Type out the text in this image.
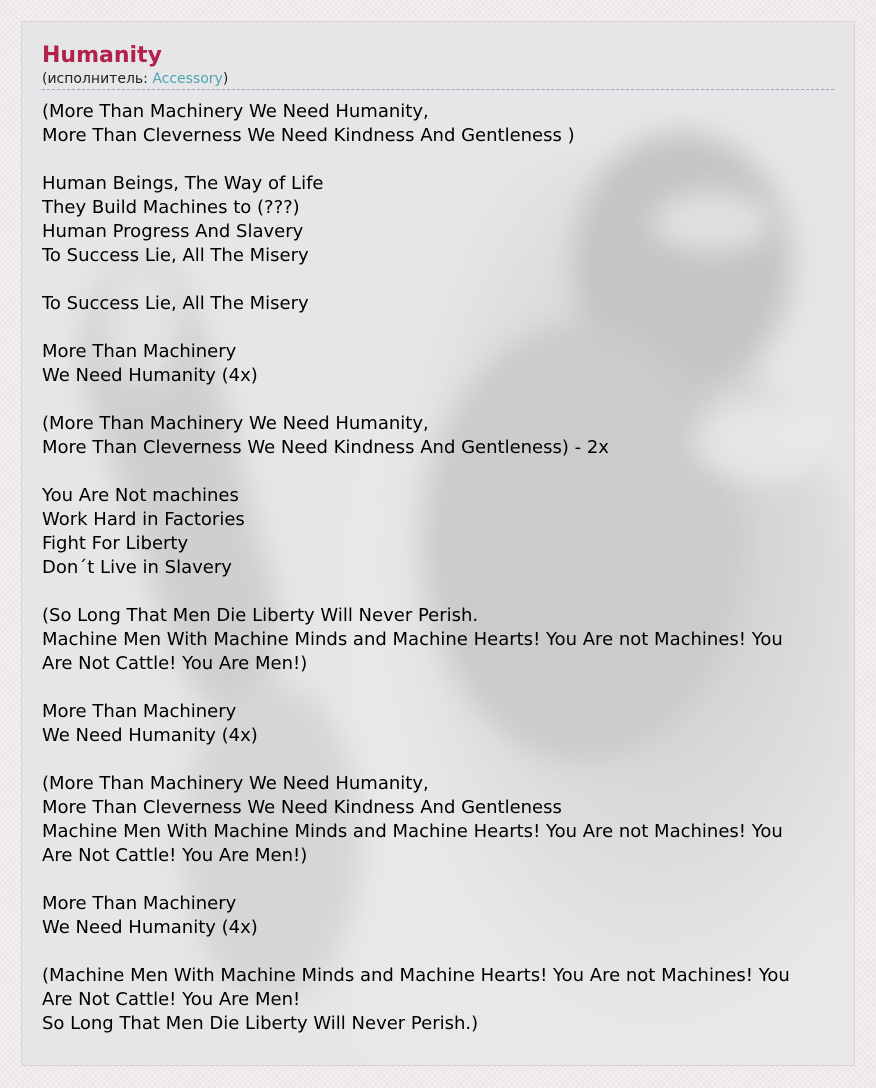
Humanity
(исполнитель: Accessory)
(More Than Machinery We Need Humanity,
More Than Cleverness We Need Kindness And Gentleness )
Human Beings, The Way of Life
They Build Machines to (???)
Human Progress And Slavery
To Success Lie, All The Misery
To Success Lie, All The Misery
More Than Machinery
We Need Humanity (4x)
(More Than Machinery We Need Humanity,
More Than Cleverness We Need Kindness And Gentleness) - 2x
You Are Not machines
Work Hard in Factories
Fight For Liberty
Don´t Live in Slavery
(So Long That Men Die Liberty Will Never Perish.
Machine Men With Machine Minds and Machine Hearts! You Are not Machines! You
Are Not Cattle! You Are Men!)
More Than Machinery
We Need Humanity (4x)
(More Than Machinery We Need Humanity,
More Than Cleverness We Need Kindness And Gentleness
Machine Men With Machine Minds and Machine Hearts! You Are not Machines! You
Are Not Cattle! You Are Men!)
More Than Machinery
We Need Humanity (4x)
(Machine Men With Machine Minds and Machine Hearts! You Are not Machines! You
Are Not Cattle! You Are Men!
So Long That Men Die Liberty Will Never Perish.)
